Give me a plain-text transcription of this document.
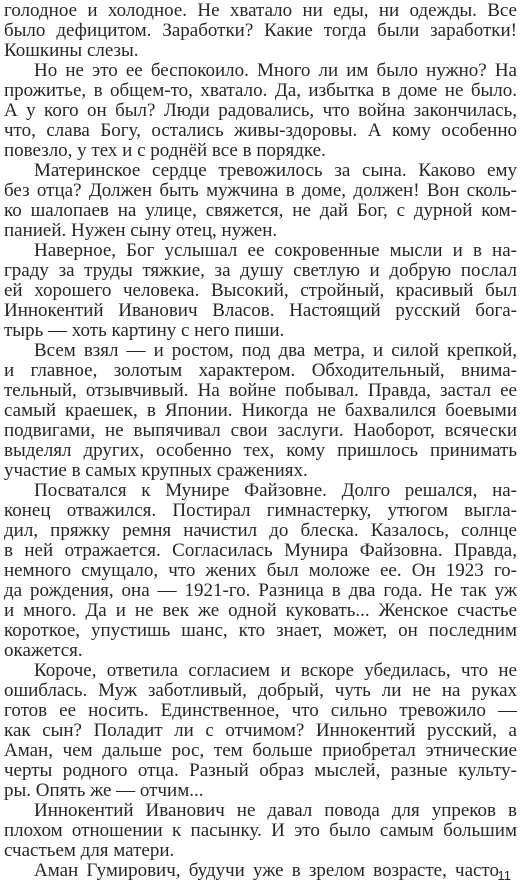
голодное и холодное. Не хватало ни еды, ни одежды. Все

было дефицитом. Заработки? Какие тогда были заработки!

Кошкины слезы.

Но не это ее беспокоило. Много ли им было нужно? На

прожитье, в общем-то, хватало. Да, избытка в доме не было.

А у кого он был? Люди радовались, что война закончилась,

что, слава Богу, остались живы-здоровы. А кому особенно

повезло, у тех и с роднёй все в порядке.

Материнское сердце тревожилось за сына. Каково ему

без отца? Должен быть мужчина в доме, должен! Вон сколь-

ко шалопаев на улице, свяжется, не дай Бог, с дурной ком-

панией. Нужен сыну отец, нужен.

Наверное, Бог услышал ее сокровенные мысли и в на-

граду за труды тяжкие, за душу светлую и добрую послал

ей хорошего человека. Высокий, стройный, красивый был

Иннокентий Иванович Власов. Настоящий русский бога-

тырь — хоть картину с него пиши.

Всем взял — и ростом, под два метра, и силой крепкой,

и главное, золотым характером. Обходительный, внима-

тельный, отзывчивый. На войне побывал. Правда, застал ее

самый краешек, в Японии. Никогда не бахвалился боевыми

подвигами, не выпячивал свои заслуги. Наоборот, всячески

выделял других, особенно тех, кому пришлось принимать

участие в самых крупных сражениях.

Посватался к Мунире Файзовне. Долго решался, на-

конец отважился. Постирал гимнастерку, утюгом выгла-

дил, пряжку ремня начистил до блеска. Казалось, солнце

в ней отражается. Согласилась Мунира Файзовна. Правда,

немного смущало, что жених был моложе ее. Он 1923 го-

да рождения, она — 1921-го. Разница в два года. Не так уж

и много. Да и не век же одной куковать... Женское счастье

короткое, упустишь шанс, кто знает, может, он последним

окажется.

Короче, ответила согласием и вскоре убедилась, что не

ошиблась. Муж заботливый, добрый, чуть ли не на руках

готов ее носить. Единственное, что сильно тревожило —

как сын? Поладит ли с отчимом? Иннокентий русский, а

Аман, чем дальше рос, тем больше приобретал этнические

черты родного отца. Разный образ мыслей, разные культу-

ры. Опять же — отчим...

Иннокентий Иванович не давал повода для упреков в

плохом отношении к пасынку. И это было самым большим

счастьем для матери.

Аман Гумирович, будучи уже в зрелом возрасте, часто

11
